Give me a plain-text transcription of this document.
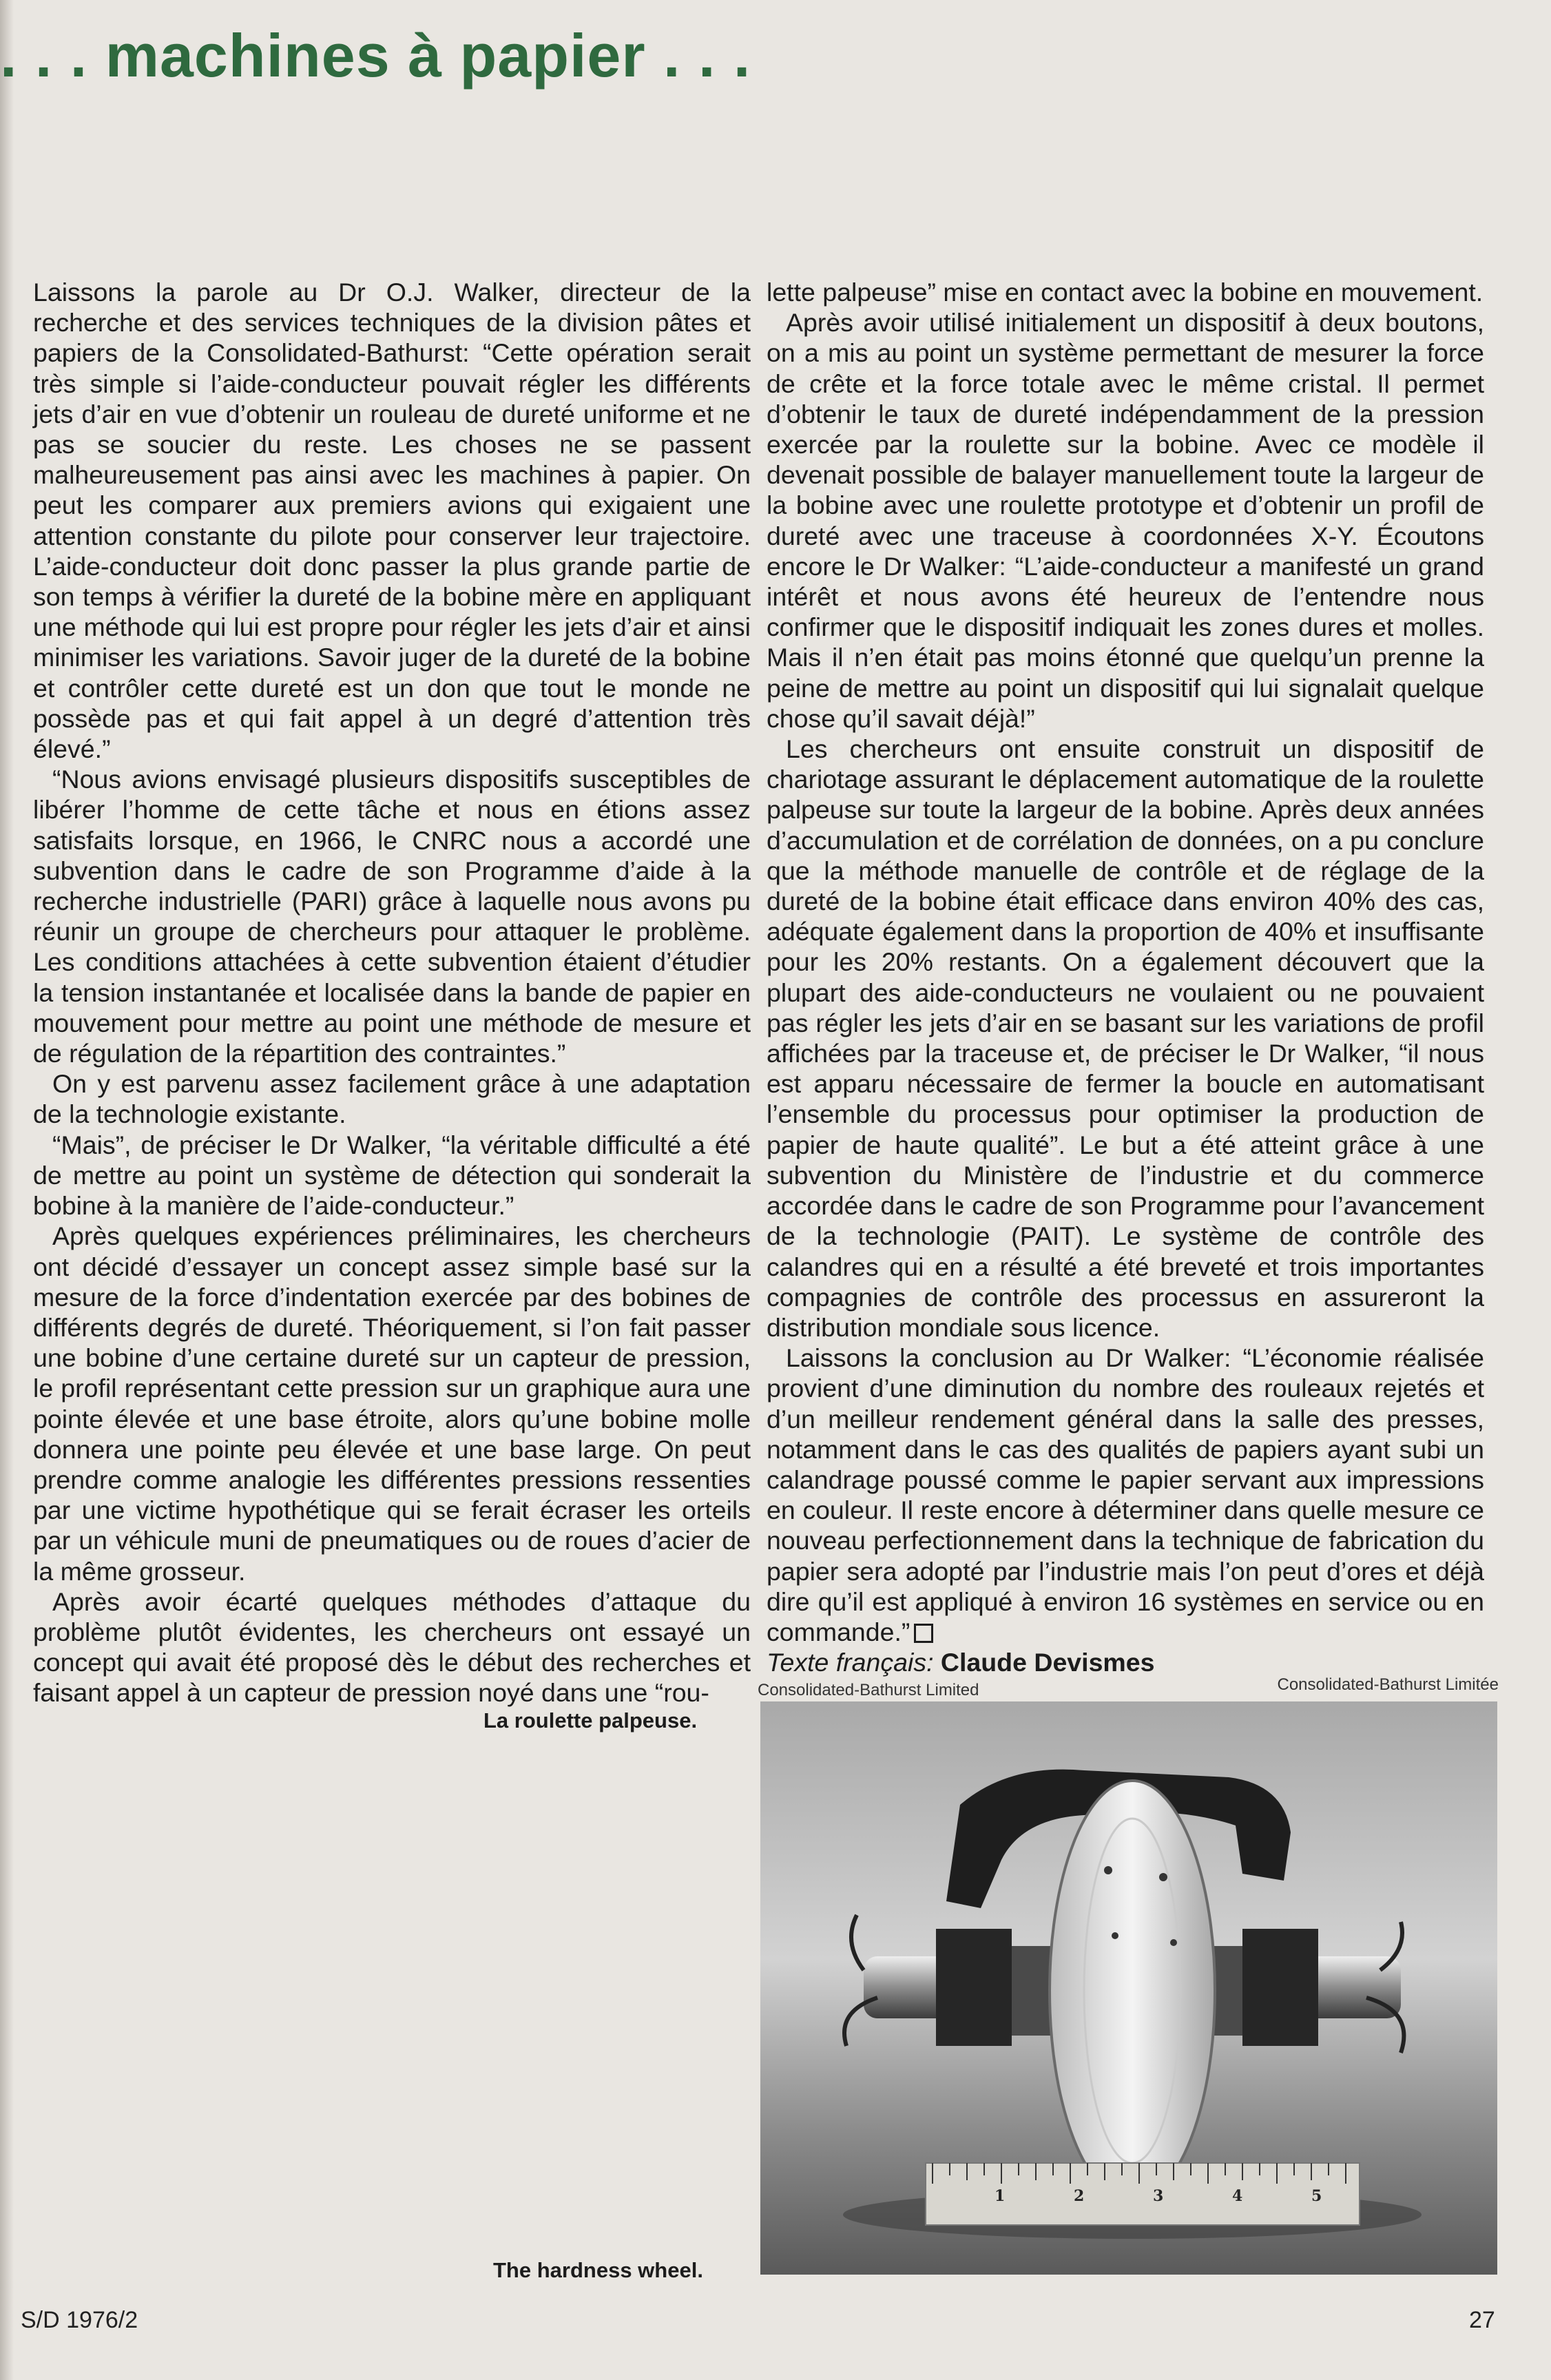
. . . machines à papier . . .

Laissons la parole au Dr O.J. Walker, directeur de la recherche et des services techniques de la division pâtes et papiers de la Consolidated-Bathurst: “Cette opération serait très simple si l’aide-conducteur pouvait régler les différents jets d’air en vue d’obtenir un rouleau de dureté uniforme et ne pas se soucier du reste. Les choses ne se passent malheureusement pas ainsi avec les machines à papier. On peut les comparer aux premiers avions qui exigaient une attention constante du pilote pour conserver leur trajectoire. L’aide-conducteur doit donc passer la plus grande partie de son temps à vérifier la dureté de la bobine mère en appliquant une méthode qui lui est propre pour régler les jets d’air et ainsi minimiser les variations. Savoir juger de la dureté de la bobine et contrôler cette dureté est un don que tout le monde ne possède pas et qui fait appel à un degré d’attention très élevé.”

“Nous avions envisagé plusieurs dispositifs susceptibles de libérer l’homme de cette tâche et nous en étions assez satisfaits lorsque, en 1966, le CNRC nous a accordé une subvention dans le cadre de son Programme d’aide à la recherche industrielle (PARI) grâce à laquelle nous avons pu réunir un groupe de chercheurs pour attaquer le problème. Les conditions attachées à cette subvention étaient d’étudier la tension instantanée et localisée dans la bande de papier en mouvement pour mettre au point une méthode de mesure et de régulation de la répartition des contraintes.”

On y est parvenu assez facilement grâce à une adaptation de la technologie existante.

“Mais”, de préciser le Dr Walker, “la véritable difficulté a été de mettre au point un système de détection qui sonderait la bobine à la manière de l’aide-conducteur.”

Après quelques expériences préliminaires, les chercheurs ont décidé d’essayer un concept assez simple basé sur la mesure de la force d’indentation exercée par des bobines de différents degrés de dureté. Théoriquement, si l’on fait passer une bobine d’une certaine dureté sur un capteur de pression, le profil représentant cette pression sur un graphique aura une pointe élevée et une base étroite, alors qu’une bobine molle donnera une pointe peu élevée et une base large. On peut prendre comme analogie les différentes pressions ressenties par une victime hypothétique qui se ferait écraser les orteils par un véhicule muni de pneumatiques ou de roues d’acier de la même grosseur.

Après avoir écarté quelques méthodes d’attaque du problème plutôt évidentes, les chercheurs ont essayé un concept qui avait été proposé dès le début des recherches et faisant appel à un capteur de pression noyé dans une “rou-

lette palpeuse” mise en contact avec la bobine en mouvement.

Après avoir utilisé initialement un dispositif à deux boutons, on a mis au point un système permettant de mesurer la force de crête et la force totale avec le même cristal. Il permet d’obtenir le taux de dureté indépendamment de la pression exercée par la roulette sur la bobine. Avec ce modèle il devenait possible de balayer manuellement toute la largeur de la bobine avec une roulette prototype et d’obtenir un profil de dureté avec une traceuse à coordonnées X-Y. Écoutons encore le Dr Walker: “L’aide-conducteur a manifesté un grand intérêt et nous avons été heureux de l’entendre nous confirmer que le dispositif indiquait les zones dures et molles. Mais il n’en était pas moins étonné que quelqu’un prenne la peine de mettre au point un dispositif qui lui signalait quelque chose qu’il savait déjà!”

Les chercheurs ont ensuite construit un dispositif de chariotage assurant le déplacement automatique de la roulette palpeuse sur toute la largeur de la bobine. Après deux années d’accumulation et de corrélation de données, on a pu conclure que la méthode manuelle de contrôle et de réglage de la dureté de la bobine était efficace dans environ 40% des cas, adéquate également dans la proportion de 40% et insuffisante pour les 20% restants. On a également découvert que la plupart des aide-conducteurs ne voulaient ou ne pouvaient pas régler les jets d’air en se basant sur les variations de profil affichées par la traceuse et, de préciser le Dr Walker, “il nous est apparu nécessaire de fermer la boucle en automatisant l’ensemble du processus pour optimiser la production de papier de haute qualité”. Le but a été atteint grâce à une subvention du Ministère de l’industrie et du commerce accordée dans le cadre de son Programme pour l’avancement de la technologie (PAIT). Le système de contrôle des calandres qui en a résulté a été breveté et trois importantes compagnies de contrôle des processus en assureront la distribution mondiale sous licence.

Laissons la conclusion au Dr Walker: “L’économie réalisée provient d’une diminution du nombre des rouleaux rejetés et d’un meilleur rendement général dans la salle des presses, notamment dans le cas des qualités de papiers ayant subi un calandrage poussé comme le papier servant aux impressions en couleur. Il reste encore à déterminer dans quelle mesure ce nouveau perfectionnement dans la technique de fabrication du papier sera adopté par l’industrie mais l’on peut d’ores et déjà dire qu’il est appliqué à environ 16 systèmes en service ou en commande.”

Texte français: Claude Devismes

Consolidated-Bathurst Limited	Consolidated-Bathurst Limitée
La roulette palpeuse.
The hardness wheel.
1	2	3	4	5
S/D 1976/2	27
